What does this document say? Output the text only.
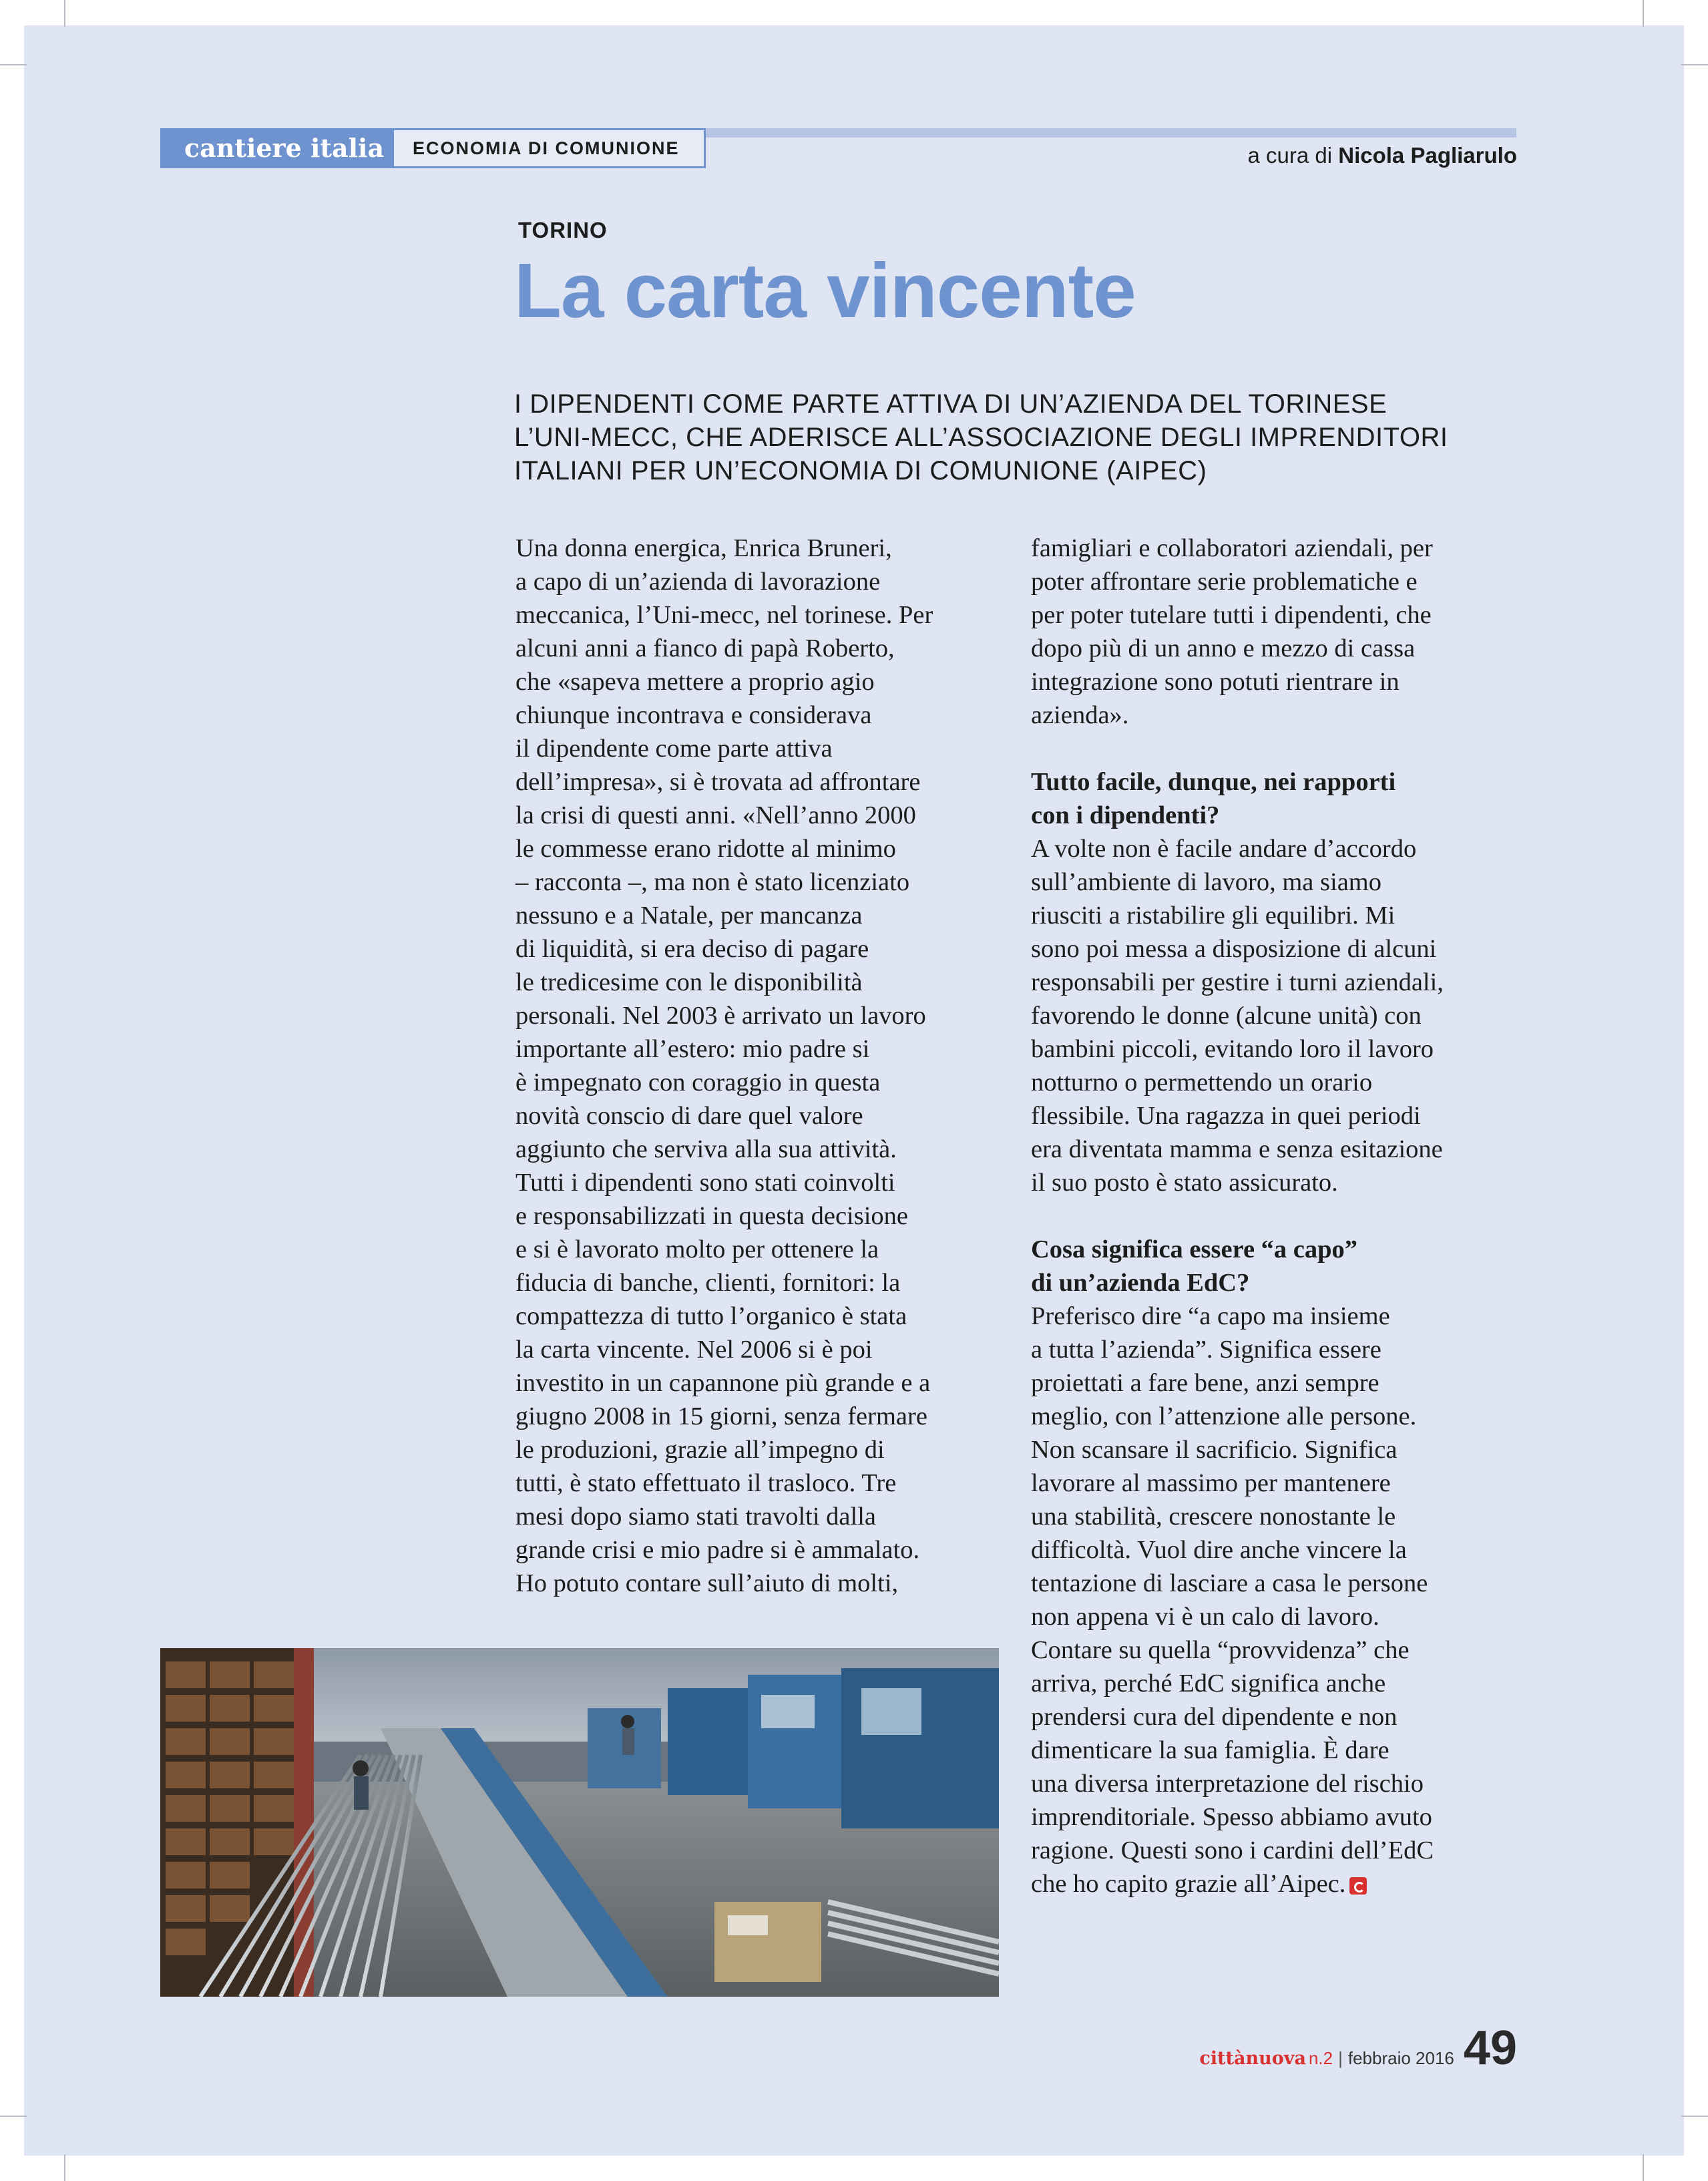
cantiere italia	ECONOMIA DI COMUNIONE	a cura di Nicola Pagliarulo
TORINO
La carta vincente
I DIPENDENTI COME PARTE ATTIVA DI UN’AZIENDA DEL TORINESE
L’UNI-MECC, CHE ADERISCE ALL’ASSOCIAZIONE DEGLI IMPRENDITORI
ITALIANI PER UN’ECONOMIA DI COMUNIONE (AIPEC)
Una donna energica, Enrica Bruneri,
a capo di un’azienda di lavorazione
meccanica, l’Uni-mecc, nel torinese. Per
alcuni anni a fianco di papà Roberto,
che «sapeva mettere a proprio agio
chiunque incontrava e considerava
il dipendente come parte attiva
dell’impresa», si è trovata ad affrontare
la crisi di questi anni. «Nell’anno 2000
le commesse erano ridotte al minimo
– racconta –, ma non è stato licenziato
nessuno e a Natale, per mancanza
di liquidità, si era deciso di pagare
le tredicesime con le disponibilità
personali. Nel 2003 è arrivato un lavoro
importante all’estero: mio padre si
è impegnato con coraggio in questa
novità conscio di dare quel valore
aggiunto che serviva alla sua attività.
Tutti i dipendenti sono stati coinvolti
e responsabilizzati in questa decisione
e si è lavorato molto per ottenere la
fiducia di banche, clienti, fornitori: la
compattezza di tutto l’organico è stata
la carta vincente. Nel 2006 si è poi
investito in un capannone più grande e a
giugno 2008 in 15 giorni, senza fermare
le produzioni, grazie all’impegno di
tutti, è stato effettuato il trasloco. Tre
mesi dopo siamo stati travolti dalla
grande crisi e mio padre si è ammalato.
Ho potuto contare sull’aiuto di molti,
famigliari e collaboratori aziendali, per
poter affrontare serie problematiche e
per poter tutelare tutti i dipendenti, che
dopo più di un anno e mezzo di cassa
integrazione sono potuti rientrare in
azienda».
Tutto facile, dunque, nei rapporti
con i dipendenti?
A volte non è facile andare d’accordo
sull’ambiente di lavoro, ma siamo
riusciti a ristabilire gli equilibri. Mi
sono poi messa a disposizione di alcuni
responsabili per gestire i turni aziendali,
favorendo le donne (alcune unità) con
bambini piccoli, evitando loro il lavoro
notturno o permettendo un orario
flessibile. Una ragazza in quei periodi
era diventata mamma e senza esitazione
il suo posto è stato assicurato.
Cosa significa essere “a capo”
di un’azienda EdC?
Preferisco dire “a capo ma insieme
a tutta l’azienda”. Significa essere
proiettati a fare bene, anzi sempre
meglio, con l’attenzione alle persone.
Non scansare il sacrificio. Significa
lavorare al massimo per mantenere
una stabilità, crescere nonostante le
difficoltà. Vuol dire anche vincere la
tentazione di lasciare a casa le persone
non appena vi è un calo di lavoro.
Contare su quella “provvidenza” che
arriva, perché EdC significa anche
prendersi cura del dipendente e non
dimenticare la sua famiglia. È dare
una diversa interpretazione del rischio
imprenditoriale. Spesso abbiamo avuto
ragione. Questi sono i cardini dell’EdC
che ho capito grazie all’Aipec.
cittànuova n.2 | febbraio 2016 49
